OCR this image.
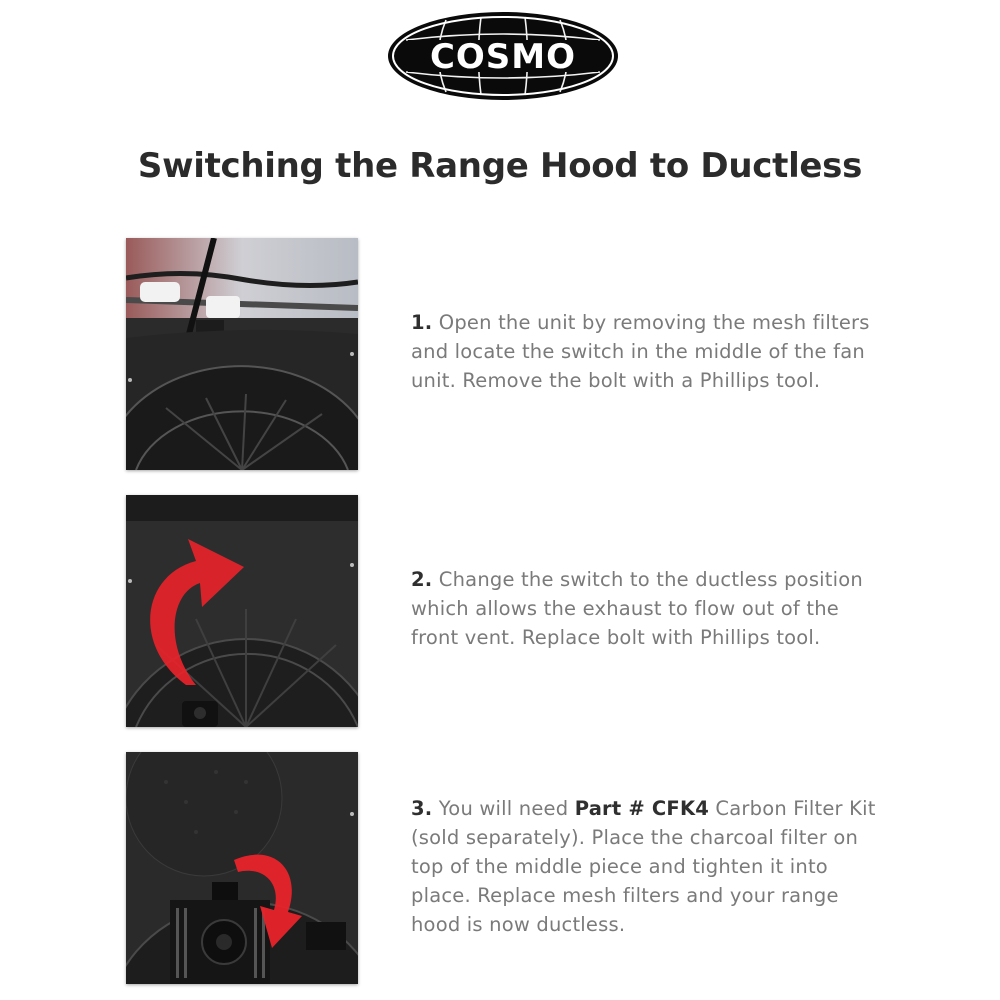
COSMO
Switching the Range Hood to Ductless
1. Open the unit by removing the mesh filters and locate the switch in the middle of the fan unit. Remove the bolt with a Phillips tool.
2. Change the switch to the ductless position which allows the exhaust to flow out of the front vent. Replace bolt with Phillips tool.
3. You will need Part # CFK4 Carbon Filter Kit (sold separately). Place the charcoal filter on top of the middle piece and tighten it into place. Replace mesh filters and your range hood is now ductless.
